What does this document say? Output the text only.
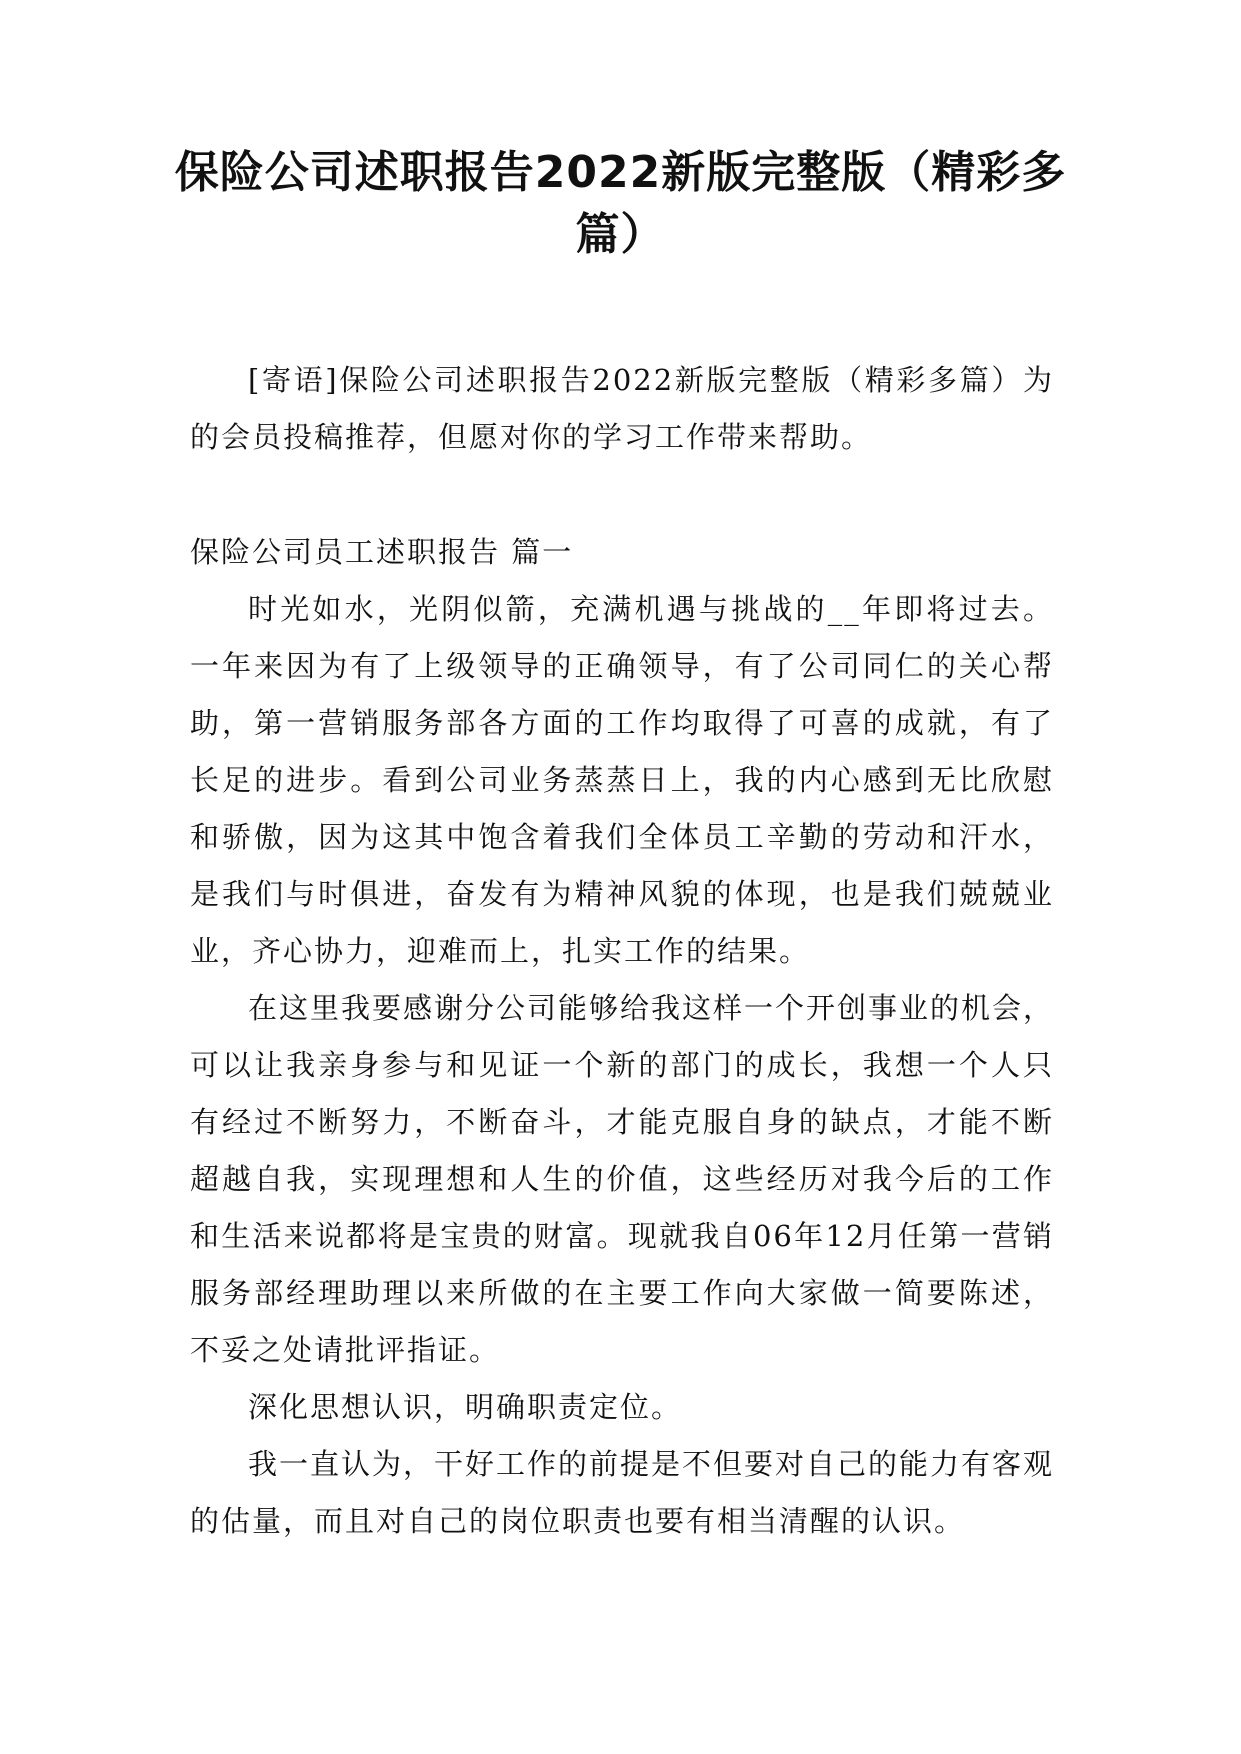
保险公司述职报告2022新版完整版（精彩多篇）

[寄语]保险公司述职报告2022新版完整版（精彩多篇）为的会员投稿推荐，但愿对你的学习工作带来帮助。

保险公司员工述职报告 篇一

时光如水，光阴似箭，充满机遇与挑战的__年即将过去。一年来因为有了上级领导的正确领导，有了公司同仁的关心帮助，第一营销服务部各方面的工作均取得了可喜的成就，有了长足的进步。看到公司业务蒸蒸日上，我的内心感到无比欣慰和骄傲，因为这其中饱含着我们全体员工辛勤的劳动和汗水，是我们与时俱进，奋发有为精神风貌的体现，也是我们兢兢业业，齐心协力，迎难而上，扎实工作的结果。

在这里我要感谢分公司能够给我这样一个开创事业的机会，可以让我亲身参与和见证一个新的部门的成长，我想一个人只有经过不断努力，不断奋斗，才能克服自身的缺点，才能不断超越自我，实现理想和人生的价值，这些经历对我今后的工作和生活来说都将是宝贵的财富。现就我自06年12月任第一营销服务部经理助理以来所做的在主要工作向大家做一简要陈述，不妥之处请批评指证。

深化思想认识，明确职责定位。

我一直认为，干好工作的前提是不但要对自己的能力有客观的估量，而且对自己的岗位职责也要有相当清醒的认识。
